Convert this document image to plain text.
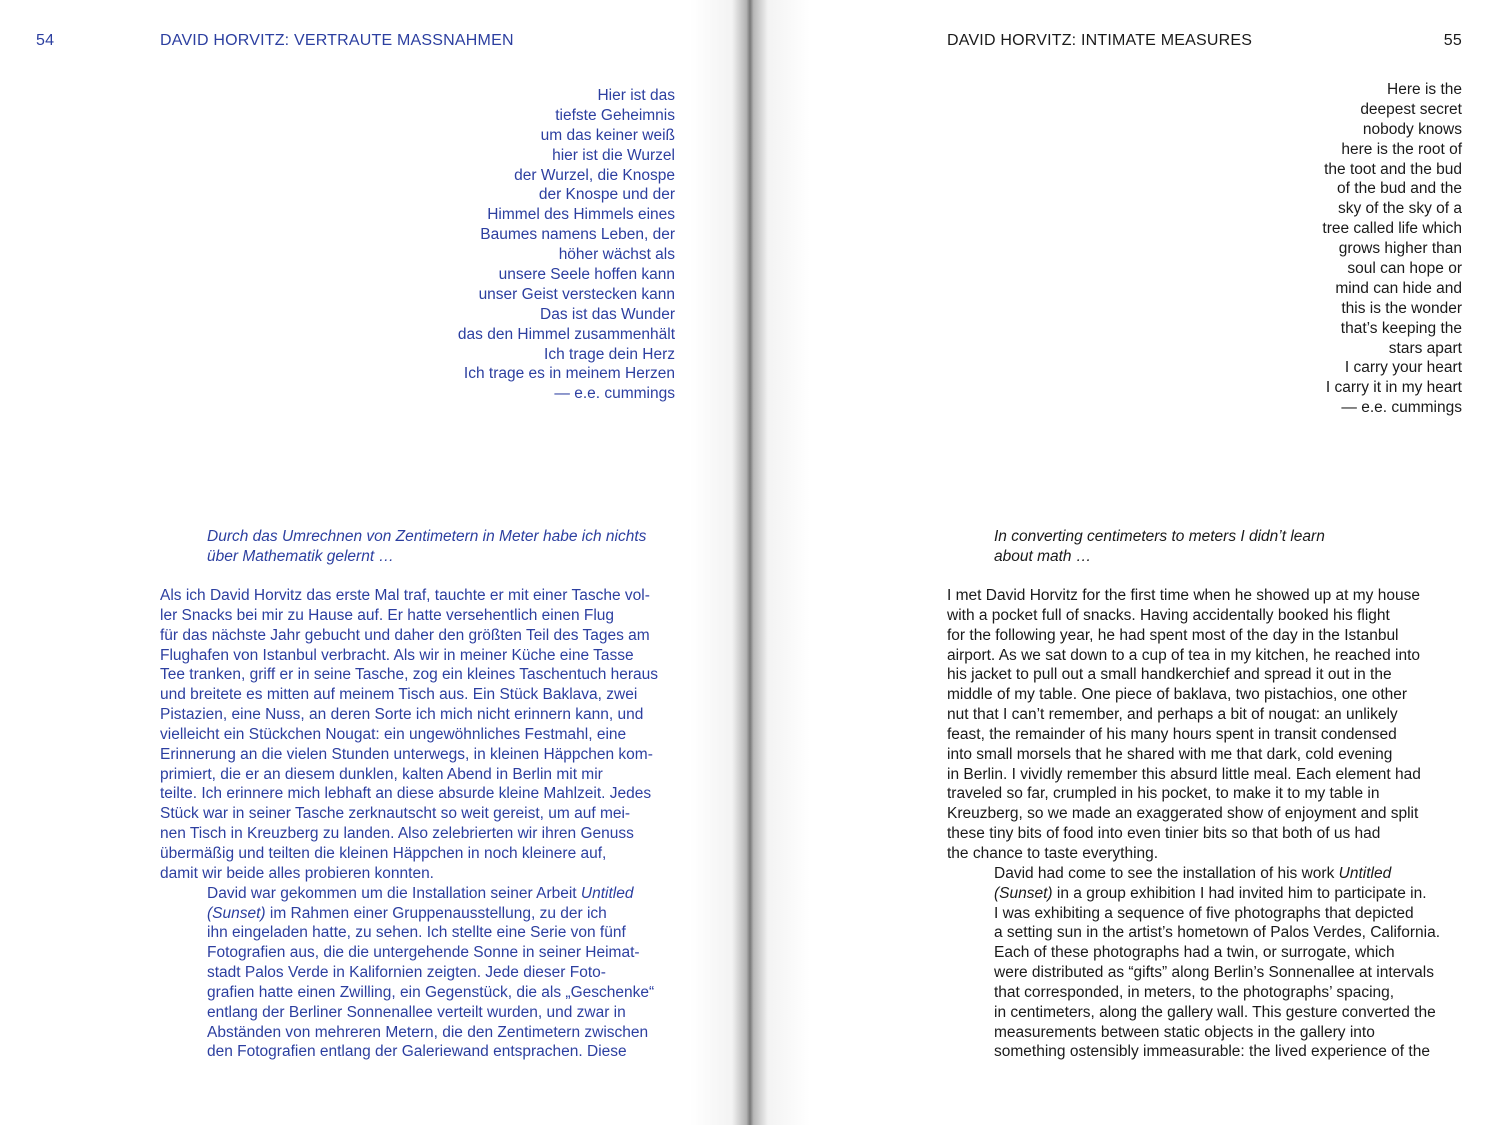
54	DAVID HORVITZ: VERTRAUTE MASSNAHMEN
Hier ist das
tiefste Geheimnis
um das keiner weiß
hier ist die Wurzel
der Wurzel, die Knospe
der Knospe und der
Himmel des Himmels eines
Baumes namens Leben, der
höher wächst als
unsere Seele hoffen kann
unser Geist verstecken kann
Das ist das Wunder
das den Himmel zusammenhält
Ich trage dein Herz
Ich trage es in meinem Herzen
— e.e. cummings
Durch das Umrechnen von Zentimetern in Meter habe ich nichts
über Mathematik gelernt …
Als ich David Horvitz das erste Mal traf, tauchte er mit einer Tasche vol-
ler Snacks bei mir zu Hause auf. Er hatte versehentlich einen Flug
für das nächste Jahr gebucht und daher den größten Teil des Tages am
Flughafen von Istanbul verbracht. Als wir in meiner Küche eine Tasse
Tee tranken, griff er in seine Tasche, zog ein kleines Taschentuch heraus
und breitete es mitten auf meinem Tisch aus. Ein Stück Baklava, zwei
Pistazien, eine Nuss, an deren Sorte ich mich nicht erinnern kann, und
vielleicht ein Stückchen Nougat: ein ungewöhnliches Festmahl, eine
Erinnerung an die vielen Stunden unterwegs, in kleinen Häppchen kom-
primiert, die er an diesem dunklen, kalten Abend in Berlin mit mir
teilte. Ich erinnere mich lebhaft an diese absurde kleine Mahlzeit. Jedes
Stück war in seiner Tasche zerknautscht so weit gereist, um auf mei-
nen Tisch in Kreuzberg zu landen. Also zelebrierten wir ihren Genuss
übermäßig und teilten die kleinen Häppchen in noch kleinere auf,
damit wir beide alles probieren konnten.
David war gekommen um die Installation seiner Arbeit Untitled
(Sunset) im Rahmen einer Gruppenausstellung, zu der ich
ihn eingeladen hatte, zu sehen. Ich stellte eine Serie von fünf
Fotografien aus, die die untergehende Sonne in seiner Heimat-
stadt Palos Verde in Kalifornien zeigten. Jede dieser Foto-
grafien hatte einen Zwilling, ein Gegenstück, die als „Geschenke“
entlang der Berliner Sonnenallee verteilt wurden, und zwar in
Abständen von mehreren Metern, die den Zentimetern zwischen
den Fotografien entlang der Galeriewand entsprachen. Diese
DAVID HORVITZ: INTIMATE MEASURES	55
Here is the
deepest secret
nobody knows
here is the root of
the toot and the bud
of the bud and the
sky of the sky of a
tree called life which
grows higher than
soul can hope or
mind can hide and
this is the wonder
that’s keeping the
stars apart
I carry your heart
I carry it in my heart
— e.e. cummings
In converting centimeters to meters I didn’t learn
about math …
I met David Horvitz for the first time when he showed up at my house
with a pocket full of snacks. Having accidentally booked his flight
for the following year, he had spent most of the day in the Istanbul
airport. As we sat down to a cup of tea in my kitchen, he reached into
his jacket to pull out a small handkerchief and spread it out in the
middle of my table. One piece of baklava, two pistachios, one other
nut that I can’t remember, and perhaps a bit of nougat: an unlikely
feast, the remainder of his many hours spent in transit condensed
into small morsels that he shared with me that dark, cold evening
in Berlin. I vividly remember this absurd little meal. Each element had
traveled so far, crumpled in his pocket, to make it to my table in
Kreuzberg, so we made an exaggerated show of enjoyment and split
these tiny bits of food into even tinier bits so that both of us had
the chance to taste everything.
David had come to see the installation of his work Untitled
(Sunset) in a group exhibition I had invited him to participate in.
I was exhibiting a sequence of five photographs that depicted
a setting sun in the artist’s hometown of Palos Verdes, California.
Each of these photographs had a twin, or surrogate, which
were distributed as “gifts” along Berlin’s Sonnenallee at intervals
that corresponded, in meters, to the photographs’ spacing,
in centimeters, along the gallery wall. This gesture converted the
measurements between static objects in the gallery into
something ostensibly immeasurable: the lived experience of the
